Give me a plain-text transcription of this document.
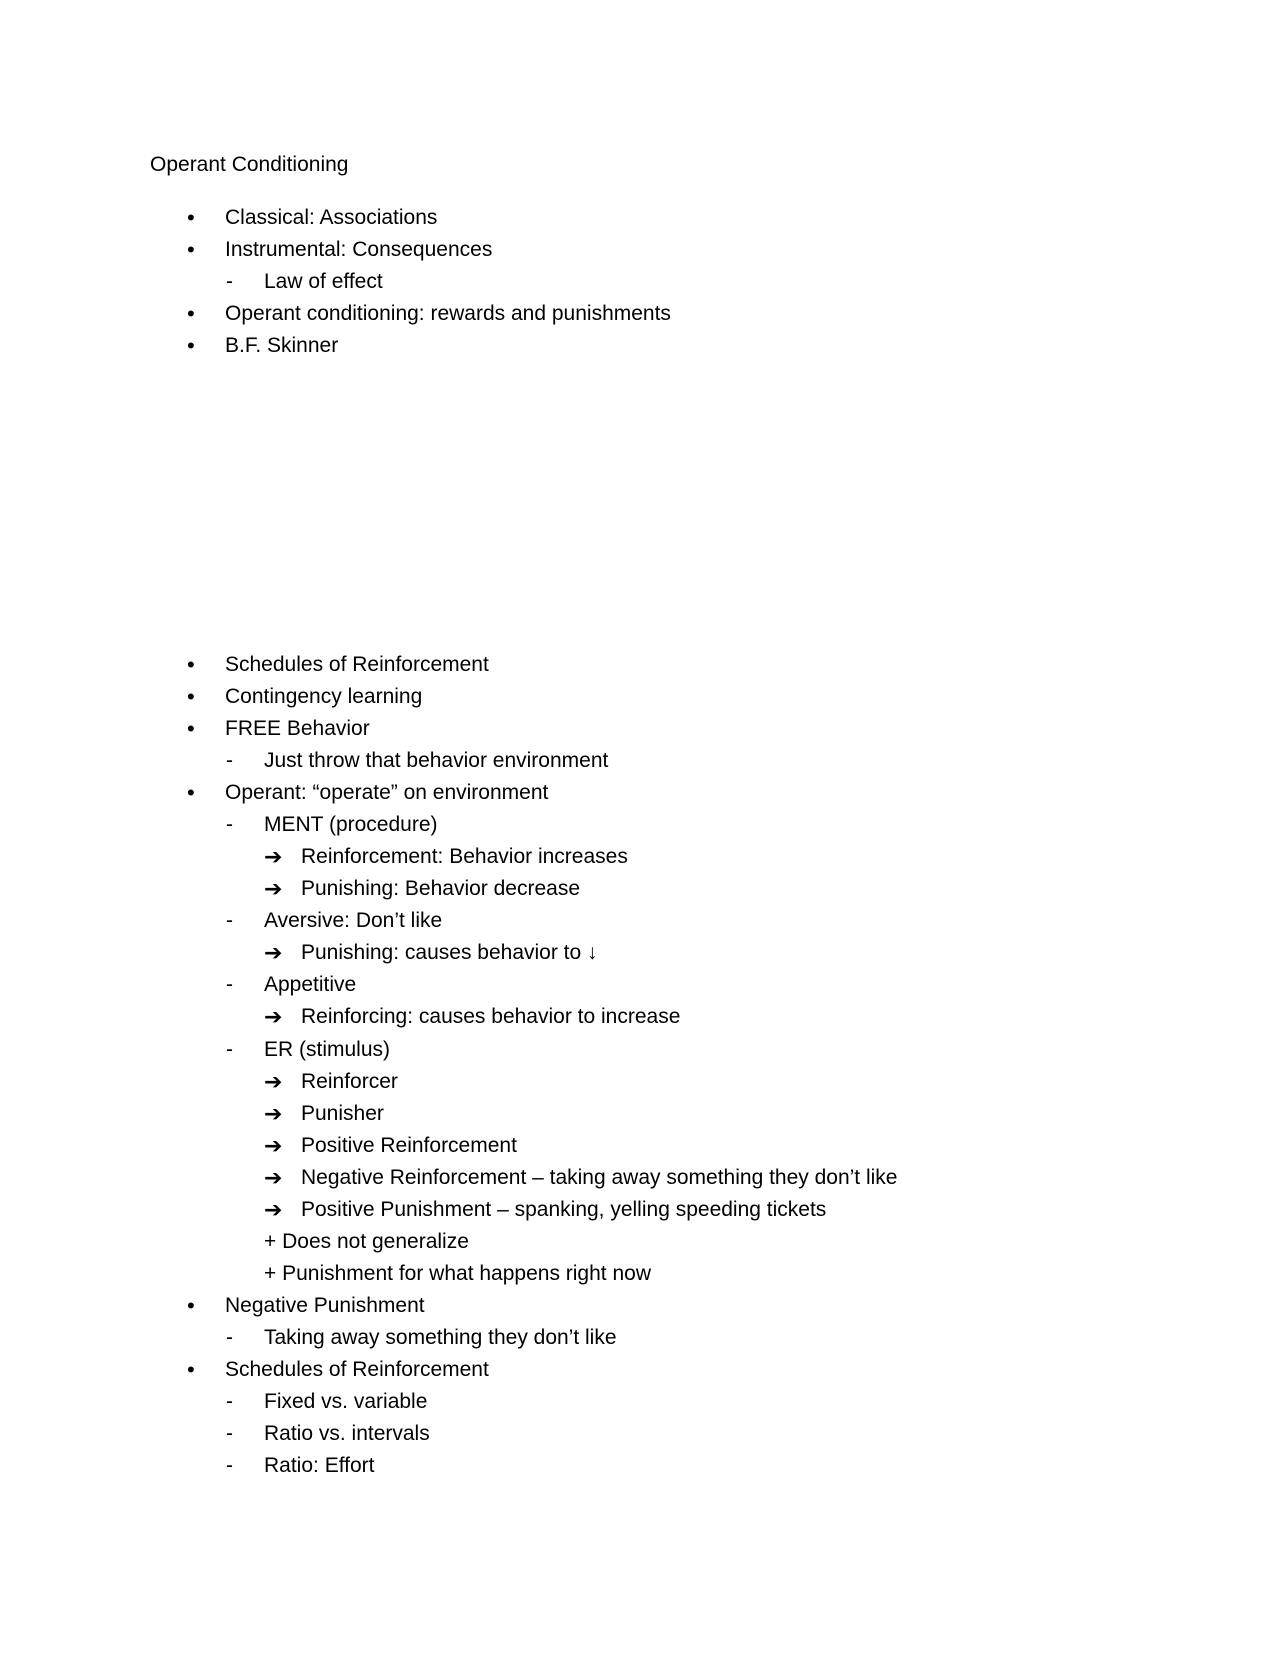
Operant Conditioning
• Classical: Associations
• Instrumental: Consequences
- Law of effect
• Operant conditioning: rewards and punishments
• B.F. Skinner
• Schedules of Reinforcement
• Contingency learning
• FREE Behavior
- Just throw that behavior environment
• Operant: “operate” on environment
- MENT (procedure)
➔ Reinforcement: Behavior increases
➔ Punishing: Behavior decrease
- Aversive: Don’t like
➔ Punishing: causes behavior to ↓
- Appetitive
➔ Reinforcing: causes behavior to increase
- ER (stimulus)
➔ Reinforcer
➔ Punisher
➔ Positive Reinforcement
➔ Negative Reinforcement – taking away something they don’t like
➔ Positive Punishment – spanking, yelling speeding tickets
+ Does not generalize
+ Punishment for what happens right now
• Negative Punishment
- Taking away something they don’t like
• Schedules of Reinforcement
- Fixed vs. variable
- Ratio vs. intervals
- Ratio: Effort
